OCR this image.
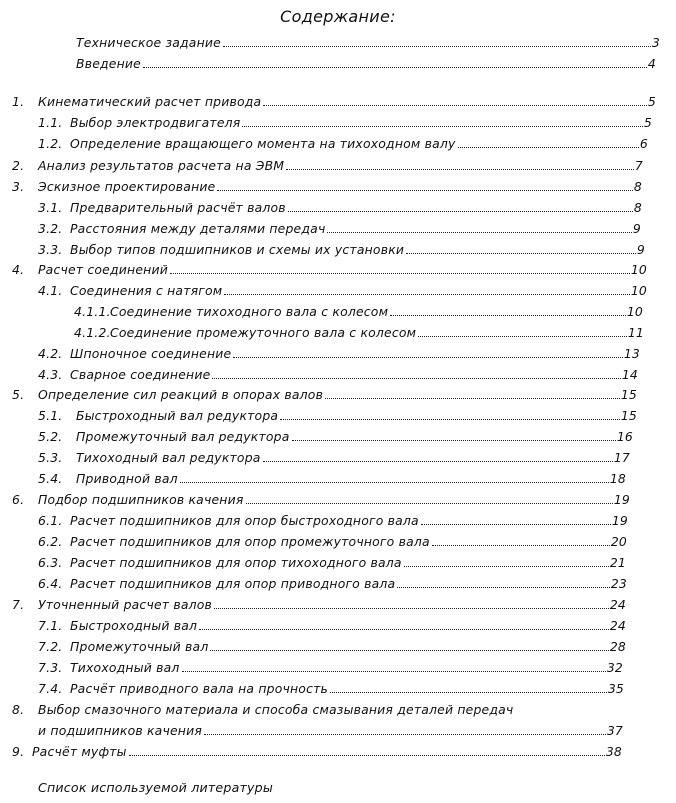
Содержание:
Техническое задание	3
Введение	4
1.	Кинематический расчет привода	5
1.1. Выбор электродвигателя	5
1.2. Определение вращающего момента на тихоходном валу	6
2.	Анализ результатов расчета на ЭВМ	7
3.	Эскизное проектирование	8
3.1. Предварительный расчёт валов	8
3.2. Расстояния между деталями передач	9
3.3. Выбор типов подшипников и схемы их установки	9
4.	Расчет соединений	10
4.1. Соединения с натягом	10
4.1.1. Соединение тихоходного вала с колесом	10
4.1.2. Соединение промежуточного вала с колесом	11
4.2. Шпоночное соединение	13
4.3. Сварное соединение	14
5.	Определение сил реакций в опорах валов	15
5.1.	Быстроходный вал редуктора	15
5.2.	Промежуточный вал редуктора	16
5.3.	Тихоходный вал редуктора	17
5.4.	Приводной вал	18
6.	Подбор подшипников качения	19
6.1. Расчет подшипников для опор быстроходного вала	19
6.2. Расчет подшипников для опор промежуточного вала	20
6.3. Расчет подшипников для опор тихоходного вала	21
6.4. Расчет подшипников для опор приводного вала	23
7.	Уточненный расчет валов	24
7.1. Быстроходный вал	24
7.2. Промежуточный вал	28
7.3. Тихоходный вал	32
7.4. Расчёт приводного вала на прочность	35
8.	Выбор смазочного материала и способа смазывания деталей передач
и подшипников качения	37
9. Расчёт муфты	38
Список используемой литературы
